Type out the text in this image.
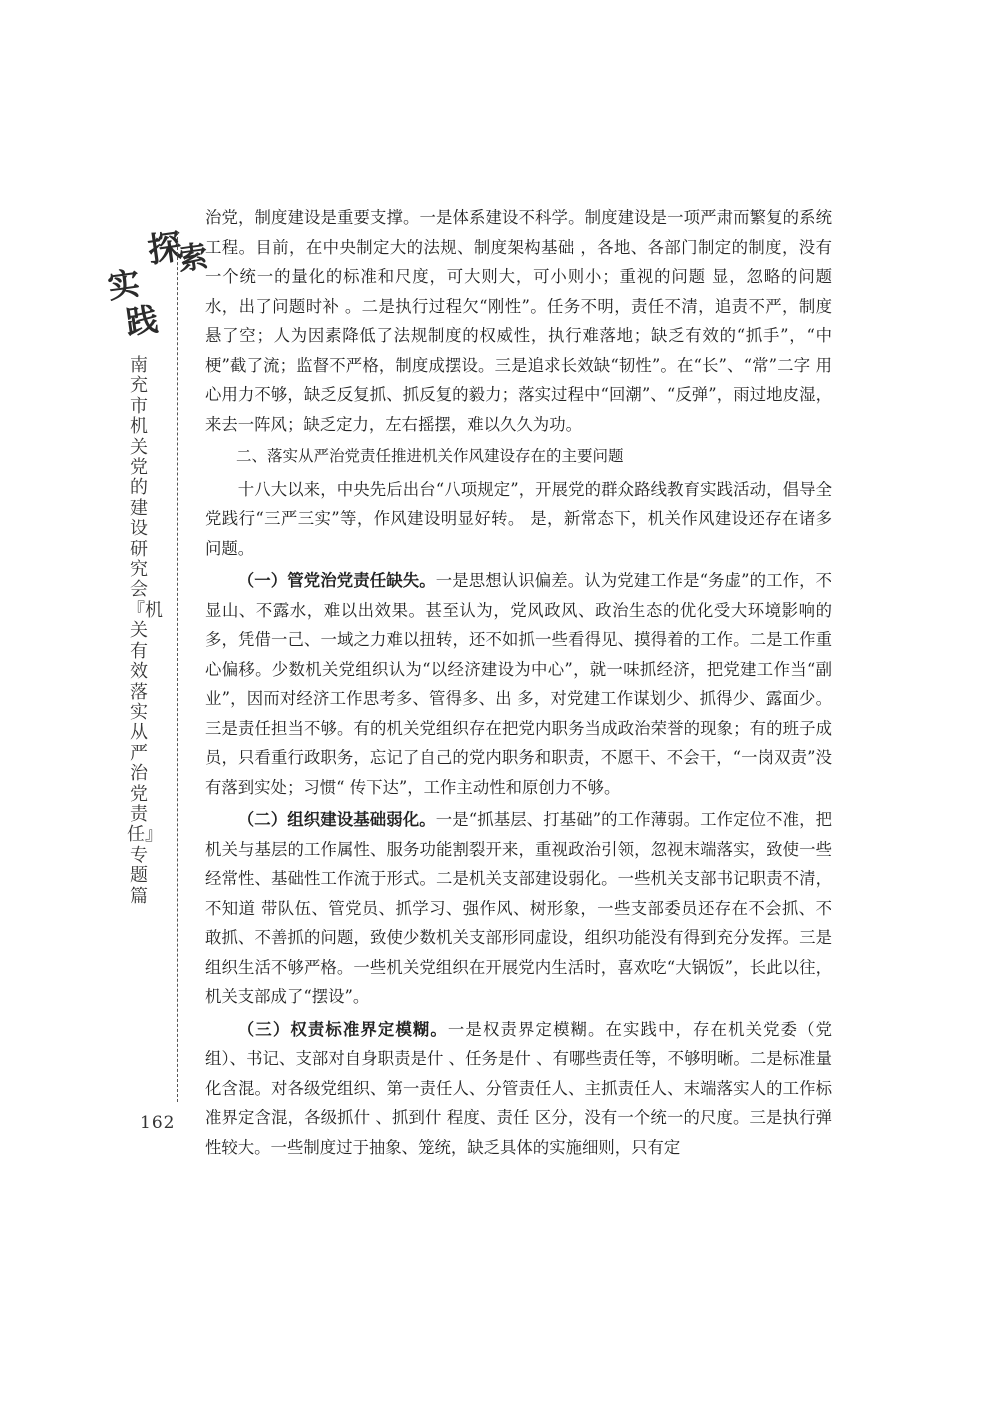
探
索
实
践
南充市机关党的建设研究会『机关有效落实从严治党责任』专题篇
162

治党，制度建设是重要支撑。一是体系建设不科学。制度建设是一项严肃而繁复的系统工程。目前，在中央制定大的法规、制度架构基础 ，各地、各部门制定的制度，没有一个统一的量化的标准和尺度，可大则大，可小则小；重视的问题 显，忽略的问题 水，出了问题时补 。二是执行过程欠“刚性”。任务不明，责任不清，追责不严，制度悬了空；人为因素降低了法规制度的权威性，执行难落地；缺乏有效的“抓手”，“中梗”截了流；监督不严格，制度成摆设。三是追求长效缺“韧性”。在“长”、“常”二字 用心用力不够，缺乏反复抓、抓反复的毅力；落实过程中“回潮”、“反弹”，雨过地皮湿，来去一阵风；缺乏定力，左右摇摆，难以久久为功。

二、落实从严治党责任推进机关作风建设存在的主要问题

十八大以来，中央先后出台“八项规定”，开展党的群众路线教育实践活动，倡导全党践行“三严三实”等，作风建设明显好转。 是，新常态下，机关作风建设还存在诸多问题。

（一）管党治党责任缺失。一是思想认识偏差。认为党建工作是“务虚”的工作，不显山、不露水，难以出效果。甚至认为，党风政风、政治生态的优化受大环境影响的多，凭借一己、一域之力难以扭转，还不如抓一些看得见、摸得着的工作。二是工作重心偏移。少数机关党组织认为“以经济建设为中心”，就一味抓经济，把党建工作当“副业”，因而对经济工作思考多、管得多、出 多，对党建工作谋划少、抓得少、露面少。三是责任担当不够。有的机关党组织存在把党内职务当成政治荣誉的现象；有的班子成员，只看重行政职务，忘记了自己的党内职务和职责，不愿干、不会干，“一岗双责”没有落到实处；习惯“ 传下达”，工作主动性和原创力不够。

（二）组织建设基础弱化。一是“抓基层、打基础”的工作薄弱。工作定位不准，把机关与基层的工作属性、服务功能割裂开来，重视政治引领，忽视末端落实，致使一些经常性、基础性工作流于形式。二是机关支部建设弱化。一些机关支部书记职责不清，不知道 带队伍、管党员、抓学习、强作风、树形象，一些支部委员还存在不会抓、不敢抓、不善抓的问题，致使少数机关支部形同虚设，组织功能没有得到充分发挥。三是组织生活不够严格。一些机关党组织在开展党内生活时，喜欢吃“大锅饭”，长此以往，机关支部成了“摆设”。

（三）权责标准界定模糊。一是权责界定模糊。在实践中，存在机关党委（党组）、书记、支部对自身职责是什 、任务是什 、有哪些责任等，不够明晰。二是标准量化含混。对各级党组织、第一责任人、分管责任人、主抓责任人、末端落实人的工作标准界定含混，各级抓什 、抓到什 程度、责任 区分，没有一个统一的尺度。三是执行弹性较大。一些制度过于抽象、笼统，缺乏具体的实施细则，只有定
